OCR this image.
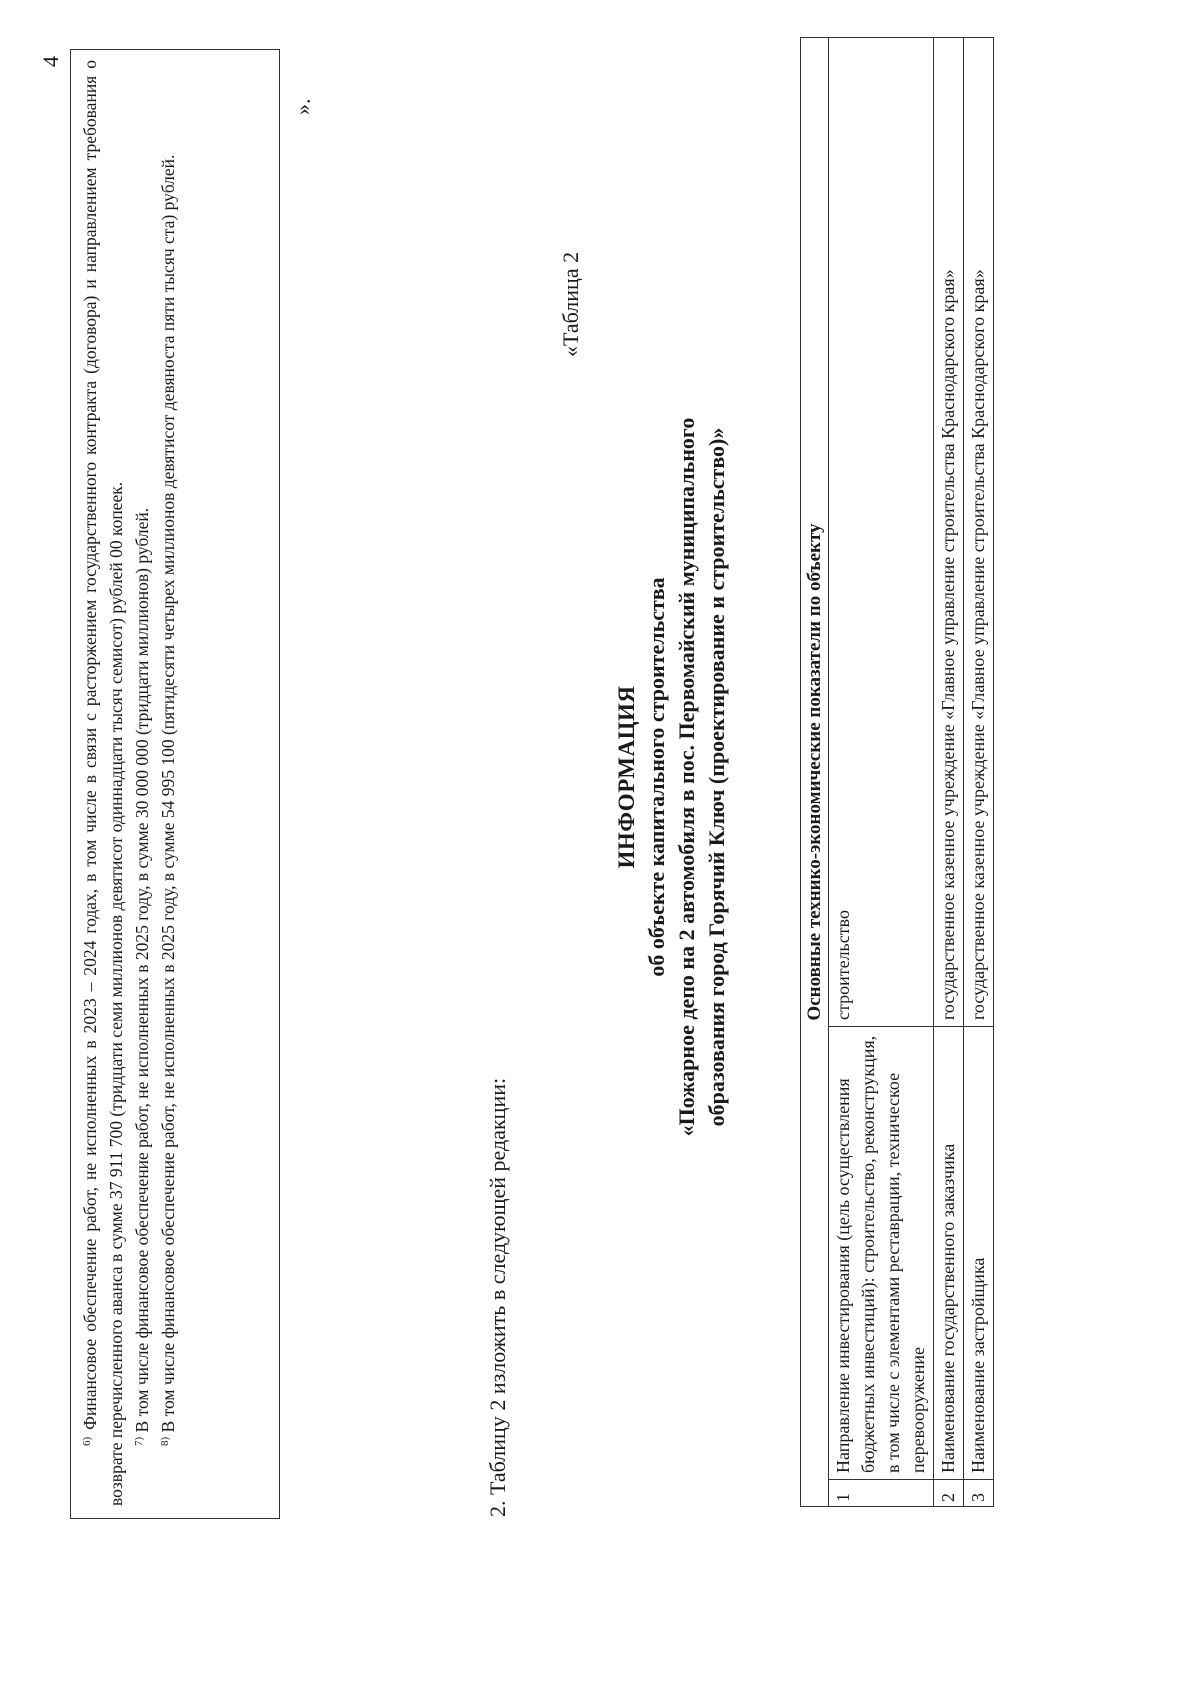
4

$^{6)}$ Финансовое обеспечение работ, не исполненных в 2023 – 2024 годах, в том числе в связи с расторжением государственного контракта (договора) и направлением требования о возврате перечисленного аванса в сумме 37 911 700 (тридцати семи миллионов девятисот одиннадцати тысяч семисот) рублей 00 копеек. $^{7)}$ В том числе финансовое обеспечение работ, не исполненных в 2025 году, в сумме 30 000 000 (тридцати миллионов) рублей.

$^{8)}$ В том числе финансовое обеспечение работ, не исполненных в 2025 году, в сумме 54 995 100 (пятидесяти четырех миллионов девятисот девяноста пяти тысяч ста) рублей.

».
2. Таблицу 2 изложить в следующей редакции:
«Таблица 2
ИНФОРМАЦИЯ об объекте капитального строительства «Пожарное депо на 2 автомобиля в пос. Первомайский муниципального образования город Горячий Ключ (проектирование и строительство)»	Основные технико-экономические показатели по объекту		
1	Направление инвестирования (цель осуществления бюджетных инвестиций): строительство, реконструкция, в том числе с элементами реставрации, техническое перевооружение	строительство
2	Наименование государственного заказчика	государственное казенное учреждение «Главное управление строительства Краснодарского края»
3	Наименование застройщика	государственное казенное учреждение «Главное управление строительства Краснодарского края»
